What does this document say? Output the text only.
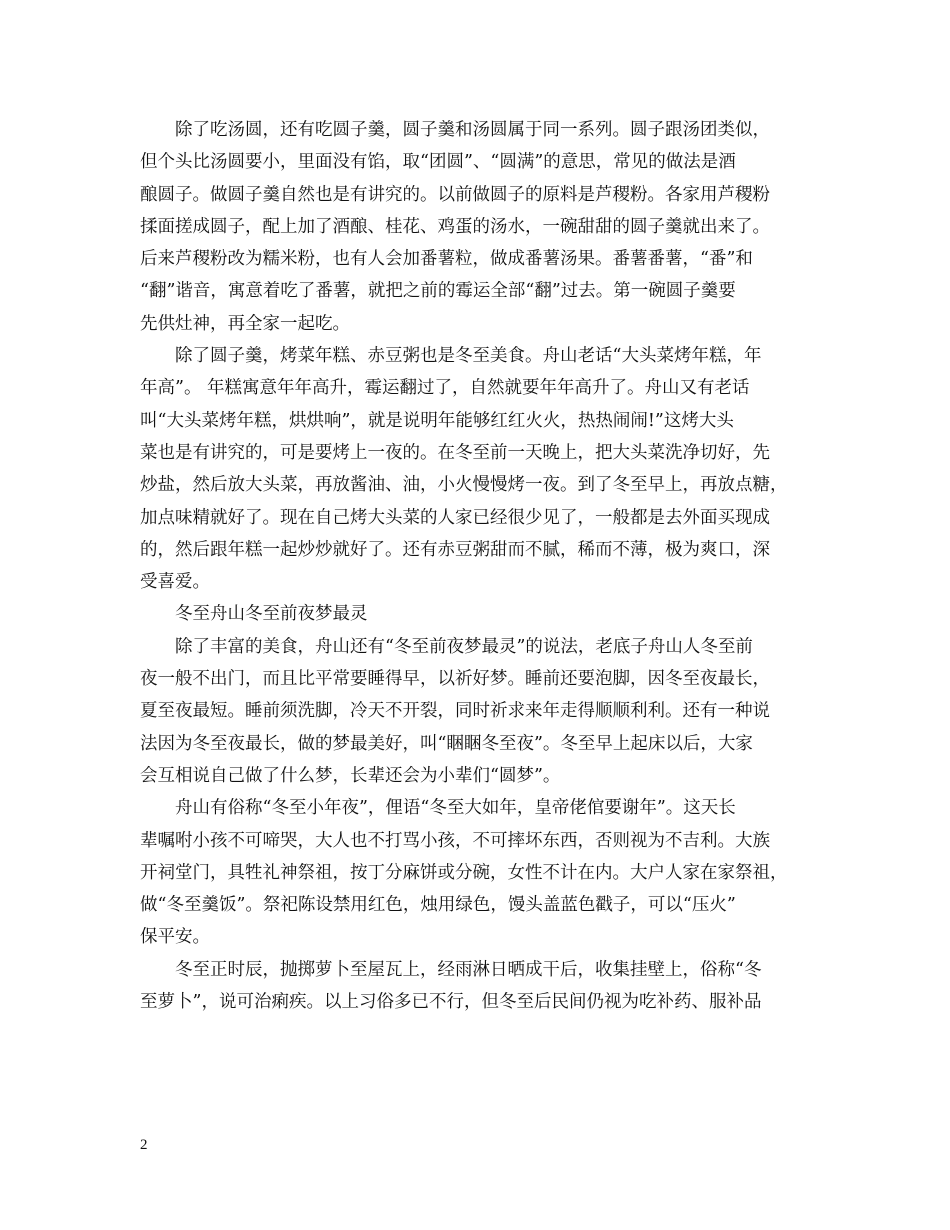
除了吃汤圆，还有吃圆子羹，圆子羹和汤圆属于同一系列。圆子跟汤团类似，
但个头比汤圆要小，里面没有馅，取“团圆”、“圆满”的意思，常见的做法是酒
酿圆子。做圆子羹自然也是有讲究的。以前做圆子的原料是芦稷粉。各家用芦稷粉
揉面搓成圆子，配上加了酒酿、桂花、鸡蛋的汤水，一碗甜甜的圆子羹就出来了。
后来芦稷粉改为糯米粉，也有人会加番薯粒，做成番薯汤果。番薯番薯，“番”和
“翻”谐音，寓意着吃了番薯，就把之前的霉运全部“翻”过去。第一碗圆子羹要
先供灶神，再全家一起吃。
除了圆子羹，烤菜年糕、赤豆粥也是冬至美食。舟山老话“大头菜烤年糕，年
年高”。 年糕寓意年年高升，霉运翻过了，自然就要年年高升了。舟山又有老话
叫“大头菜烤年糕，烘烘响”，就是说明年能够红红火火，热热闹闹!”这烤大头
菜也是有讲究的，可是要烤上一夜的。在冬至前一天晚上，把大头菜洗净切好，先
炒盐，然后放大头菜，再放酱油、油，小火慢慢烤一夜。到了冬至早上，再放点糖，
加点味精就好了。现在自己烤大头菜的人家已经很少见了，一般都是去外面买现成
的，然后跟年糕一起炒炒就好了。还有赤豆粥甜而不腻，稀而不薄，极为爽口，深
受喜爱。
冬至舟山冬至前夜梦最灵
除了丰富的美食，舟山还有“冬至前夜梦最灵”的说法，老底子舟山人冬至前
夜一般不出门，而且比平常要睡得早，以祈好梦。睡前还要泡脚，因冬至夜最长，
夏至夜最短。睡前须洗脚，冷天不开裂，同时祈求来年走得顺顺利利。还有一种说
法因为冬至夜最长，做的梦最美好，叫“睏睏冬至夜”。冬至早上起床以后，大家
会互相说自己做了什么梦，长辈还会为小辈们“圆梦”。
舟山有俗称“冬至小年夜”，俚语“冬至大如年，皇帝佬倌要谢年”。这天长
辈嘱咐小孩不可啼哭，大人也不打骂小孩，不可摔坏东西，否则视为不吉利。大族
开祠堂门，具牲礼神祭祖，按丁分麻饼或分碗，女性不计在内。大户人家在家祭祖，
做“冬至羹饭”。祭祀陈设禁用红色，烛用绿色，馒头盖蓝色戳子，可以“压火”
保平安。
冬至正时辰，抛掷萝卜至屋瓦上，经雨淋日晒成干后，收集挂壁上，俗称“冬
至萝卜”，说可治痢疾。以上习俗多已不行，但冬至后民间仍视为吃补药、服补品
2
